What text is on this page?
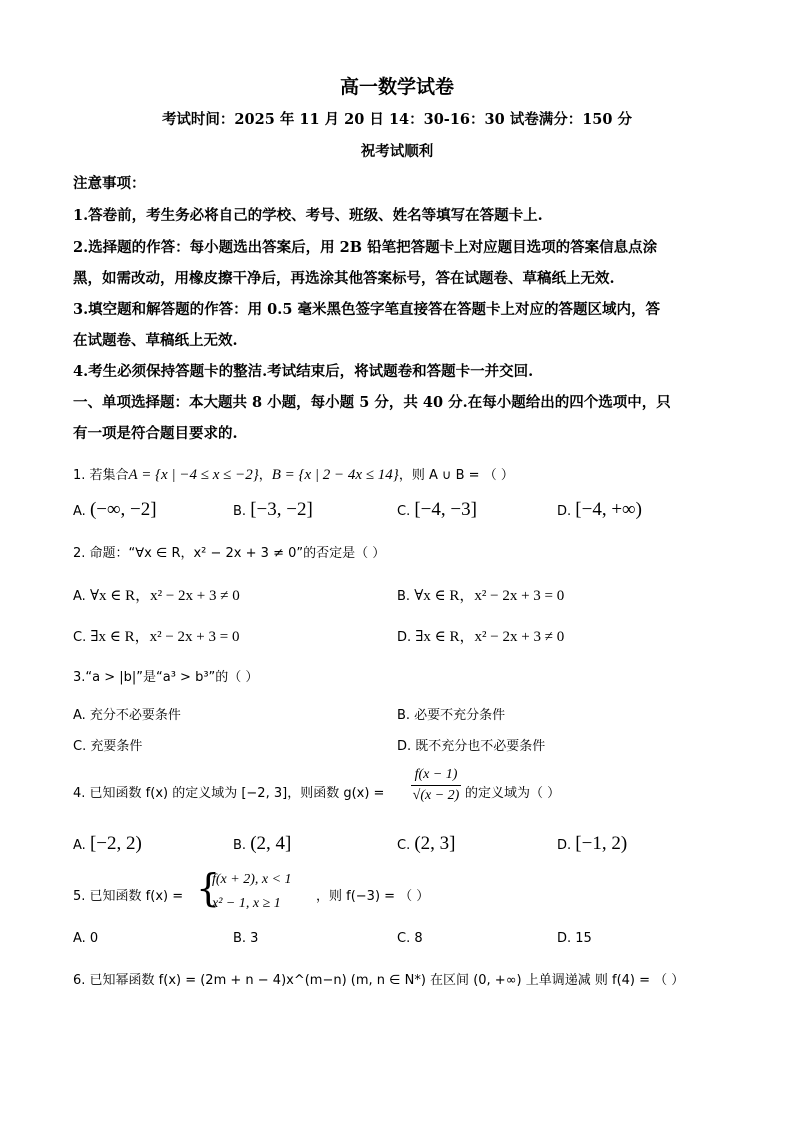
高一数学试卷
考试时间：2025 年 11 月 20 日 14：30-16：30 试卷满分：150 分
祝考试顺利
注意事项：
1.答卷前，考生务必将自己的学校、考号、班级、姓名等填写在答题卡上.
2.选择题的作答：每小题选出答案后，用 2B 铅笔把答题卡上对应题目选项的答案信息点涂
黑，如需改动，用橡皮擦干净后，再选涂其他答案标号，答在试题卷、草稿纸上无效.
3.填空题和解答题的作答：用 0.5 毫米黑色签字笔直接答在答题卡上对应的答题区域内，答
在试题卷、草稿纸上无效.
4.考生必须保持答题卡的整洁.考试结束后，将试题卷和答题卡一并交回.
一、单项选择题：本大题共 8 小题，每小题 5 分，共 40 分.在每小题给出的四个选项中，只
有一项是符合题目要求的.
1. 若集合A = {x | −4 ≤ x ≤ −2}，B = {x | 2 − 4x ≤ 14}，则 A ∪ B = （ ）
A. (−∞, −2]	B. [−3, −2]	C. [−4, −3]	D. [−4, +∞)
2. 命题：“∀x ∈ R，x² − 2x + 3 ≠ 0”的否定是（ ）
A. ∀x ∈ R，x² − 2x + 3 ≠ 0	B. ∀x ∈ R，x² − 2x + 3 = 0
C. ∃x ∈ R，x² − 2x + 3 = 0	D. ∃x ∈ R，x² − 2x + 3 ≠ 0
3.“a > |b|”是“a³ > b³”的（ ）
A. 充分不必要条件	B. 必要不充分条件
C. 充要条件	D. 既不充分也不必要条件
4. 已知函数 f(x) 的定义域为 [−2, 3]，则函数 $g(x) = \frac{f(x - 1)}{√(x - 2)}$ 的定义域为（ ）
A. [−2, 2)	B. (2, 4]	C. (2, 3]	D. [−1, 2)
5. 已知函数 f(x) = {
f(x + 2), x < 1
x² − 1, x ≥ 1	，则 f(−3) = （ ）
A. 0	B. 3	C. 8	D. 15
6. 已知幂函数 f(x) = (2m + n − 4)x^(m−n) (m, n ∈ N*) 在区间 (0, +∞) 上单调递减 则 f(4) = （ ）
